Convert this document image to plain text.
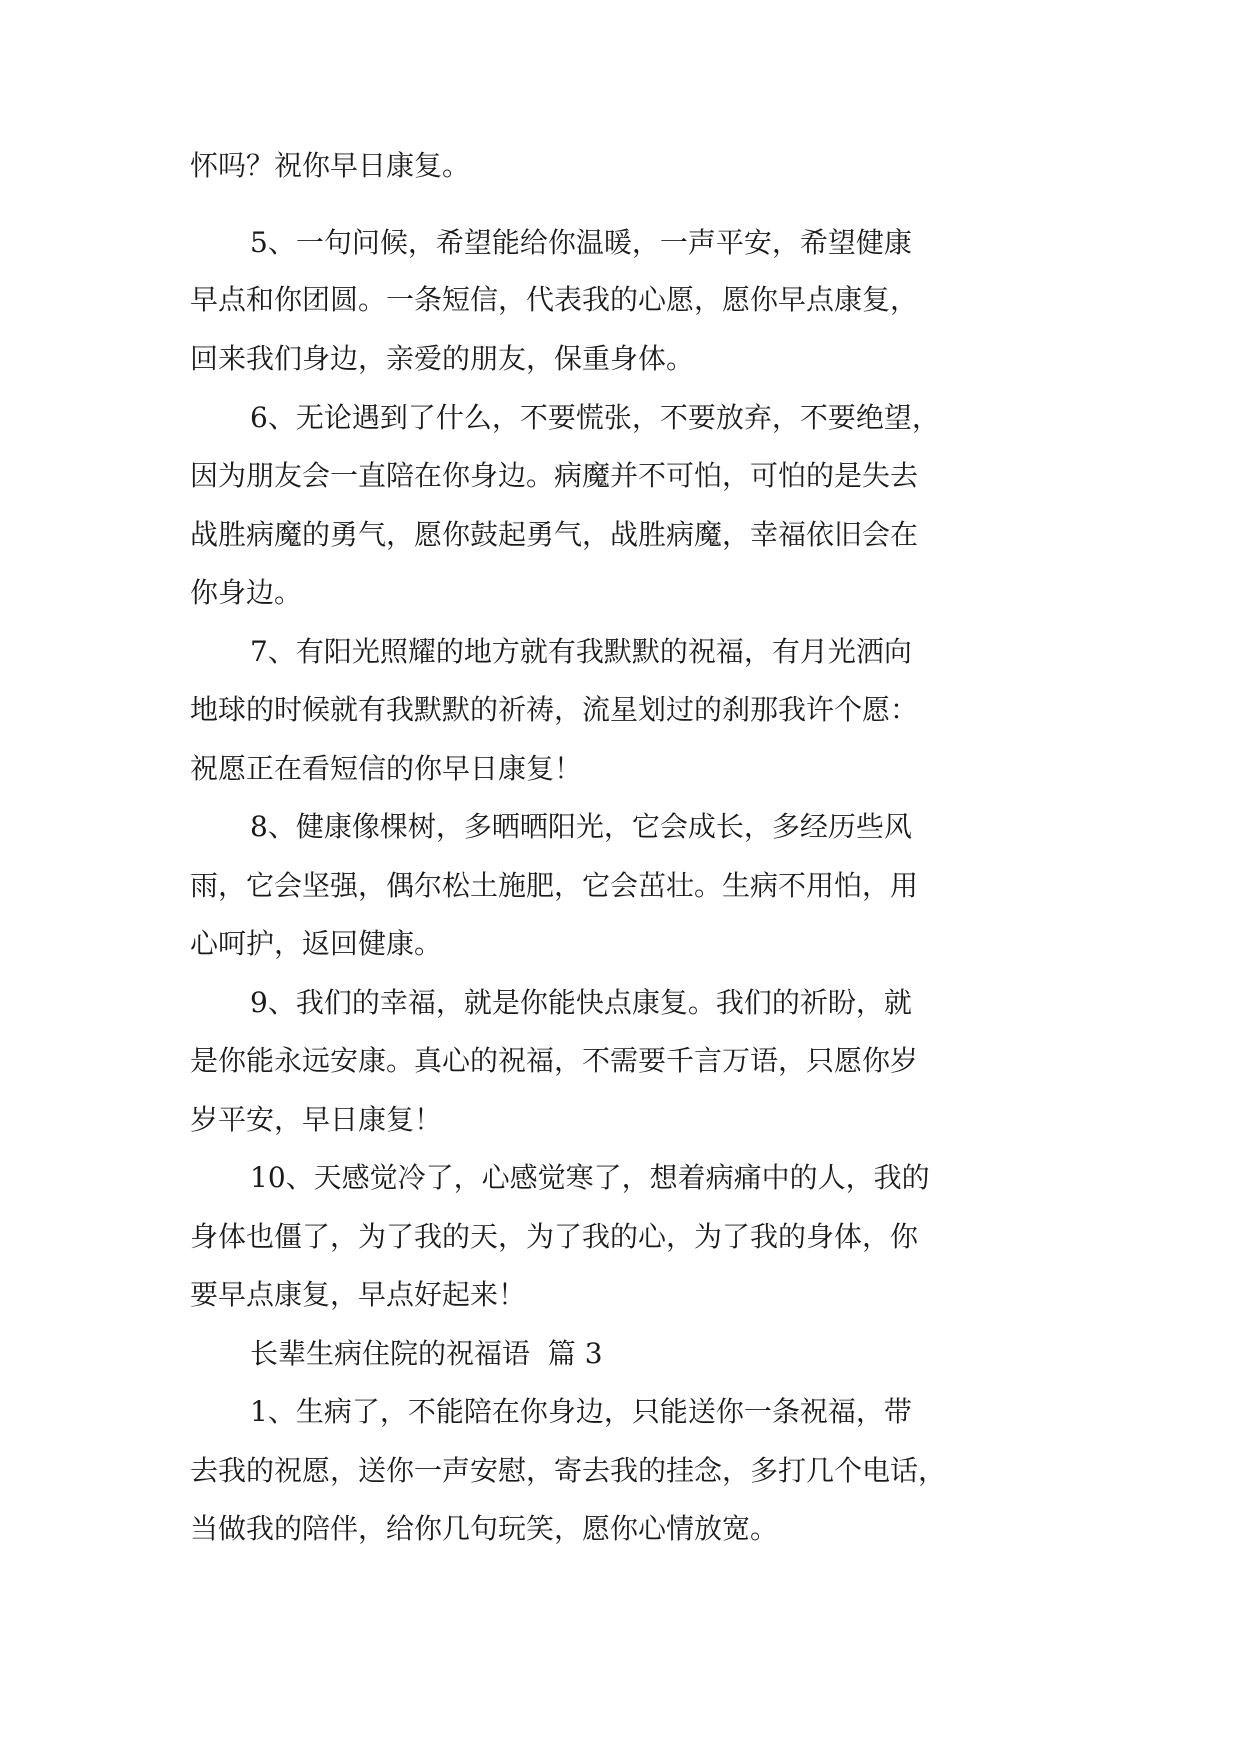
怀吗？祝你早日康复。
5、一句问候，希望能给你温暖，一声平安，希望健康
早点和你团圆。一条短信，代表我的心愿，愿你早点康复，
回来我们身边，亲爱的朋友，保重身体。
6、无论遇到了什么，不要慌张，不要放弃，不要绝望，
因为朋友会一直陪在你身边。病魔并不可怕，可怕的是失去
战胜病魔的勇气，愿你鼓起勇气，战胜病魔，幸福依旧会在
你身边。
7、有阳光照耀的地方就有我默默的祝福，有月光洒向
地球的时候就有我默默的祈祷，流星划过的刹那我许个愿：
祝愿正在看短信的你早日康复！
8、健康像棵树，多晒晒阳光，它会成长，多经历些风
雨，它会坚强，偶尔松土施肥，它会茁壮。生病不用怕，用
心呵护，返回健康。
9、我们的幸福，就是你能快点康复。我们的祈盼，就
是你能永远安康。真心的祝福，不需要千言万语，只愿你岁
岁平安，早日康复！
10、天感觉冷了，心感觉寒了，想着病痛中的人，我的
身体也僵了，为了我的天，为了我的心，为了我的身体，你
要早点康复，早点好起来！
长辈生病住院的祝福语  篇 3
1、生病了，不能陪在你身边，只能送你一条祝福，带
去我的祝愿，送你一声安慰，寄去我的挂念，多打几个电话，
当做我的陪伴，给你几句玩笑，愿你心情放宽。
